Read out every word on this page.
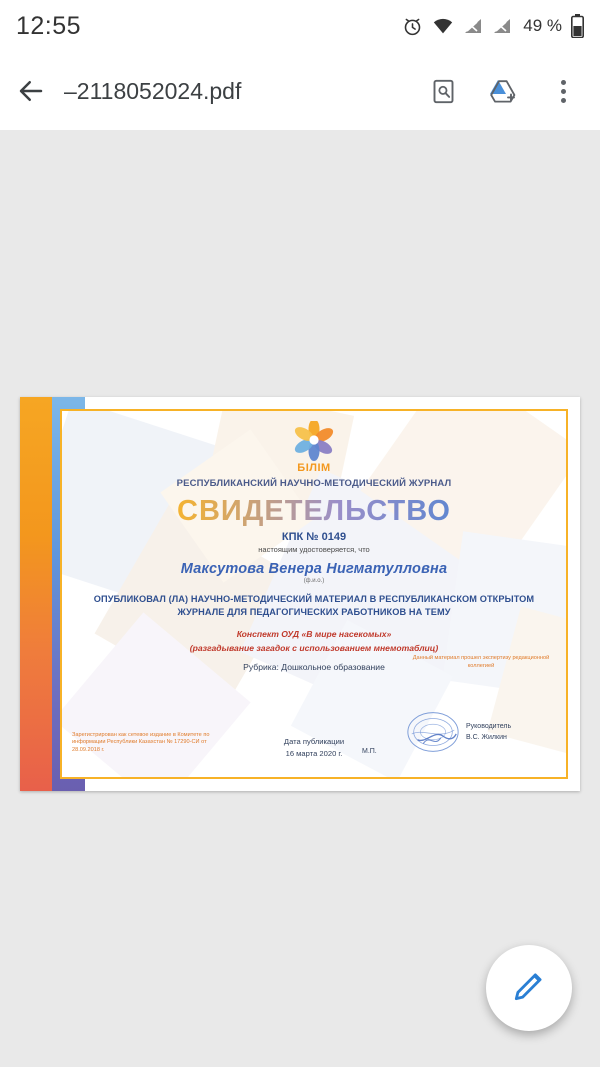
12:55	49 %
–2118052024.pdf
БІЛІМ
РЕСПУБЛИКАНСКИЙ НАУЧНО-МЕТОДИЧЕСКИЙ ЖУРНАЛ
СВИДЕТЕЛЬСТВО
КПК № 0149
настоящим удостоверяется, что
Максутова Венера Нигматулловна
(ф.и.о.)
ОПУБЛИКОВАЛ (ЛА) НАУЧНО-МЕТОДИЧЕСКИЙ МАТЕРИАЛ В РЕСПУБЛИКАНСКОМ ОТКРЫТОМ ЖУРНАЛЕ ДЛЯ ПЕДАГОГИЧЕСКИХ РАБОТНИКОВ НА ТЕМУ
Конспект ОУД «В мире насекомых»
(разгадывание загадок с использованием мнемотаблиц)
Рубрика: Дошкольное образование
Данный материал прошел экспертизу редакционной коллегией
Зарегистрирован как сетевое издание в Комитете по информации Республики Казахстан № 17290-СИ от 28.09.2018 г.
Дата публикации
16 марта 2020 г.	М.П.
Руководитель
В.С. Жилкин
